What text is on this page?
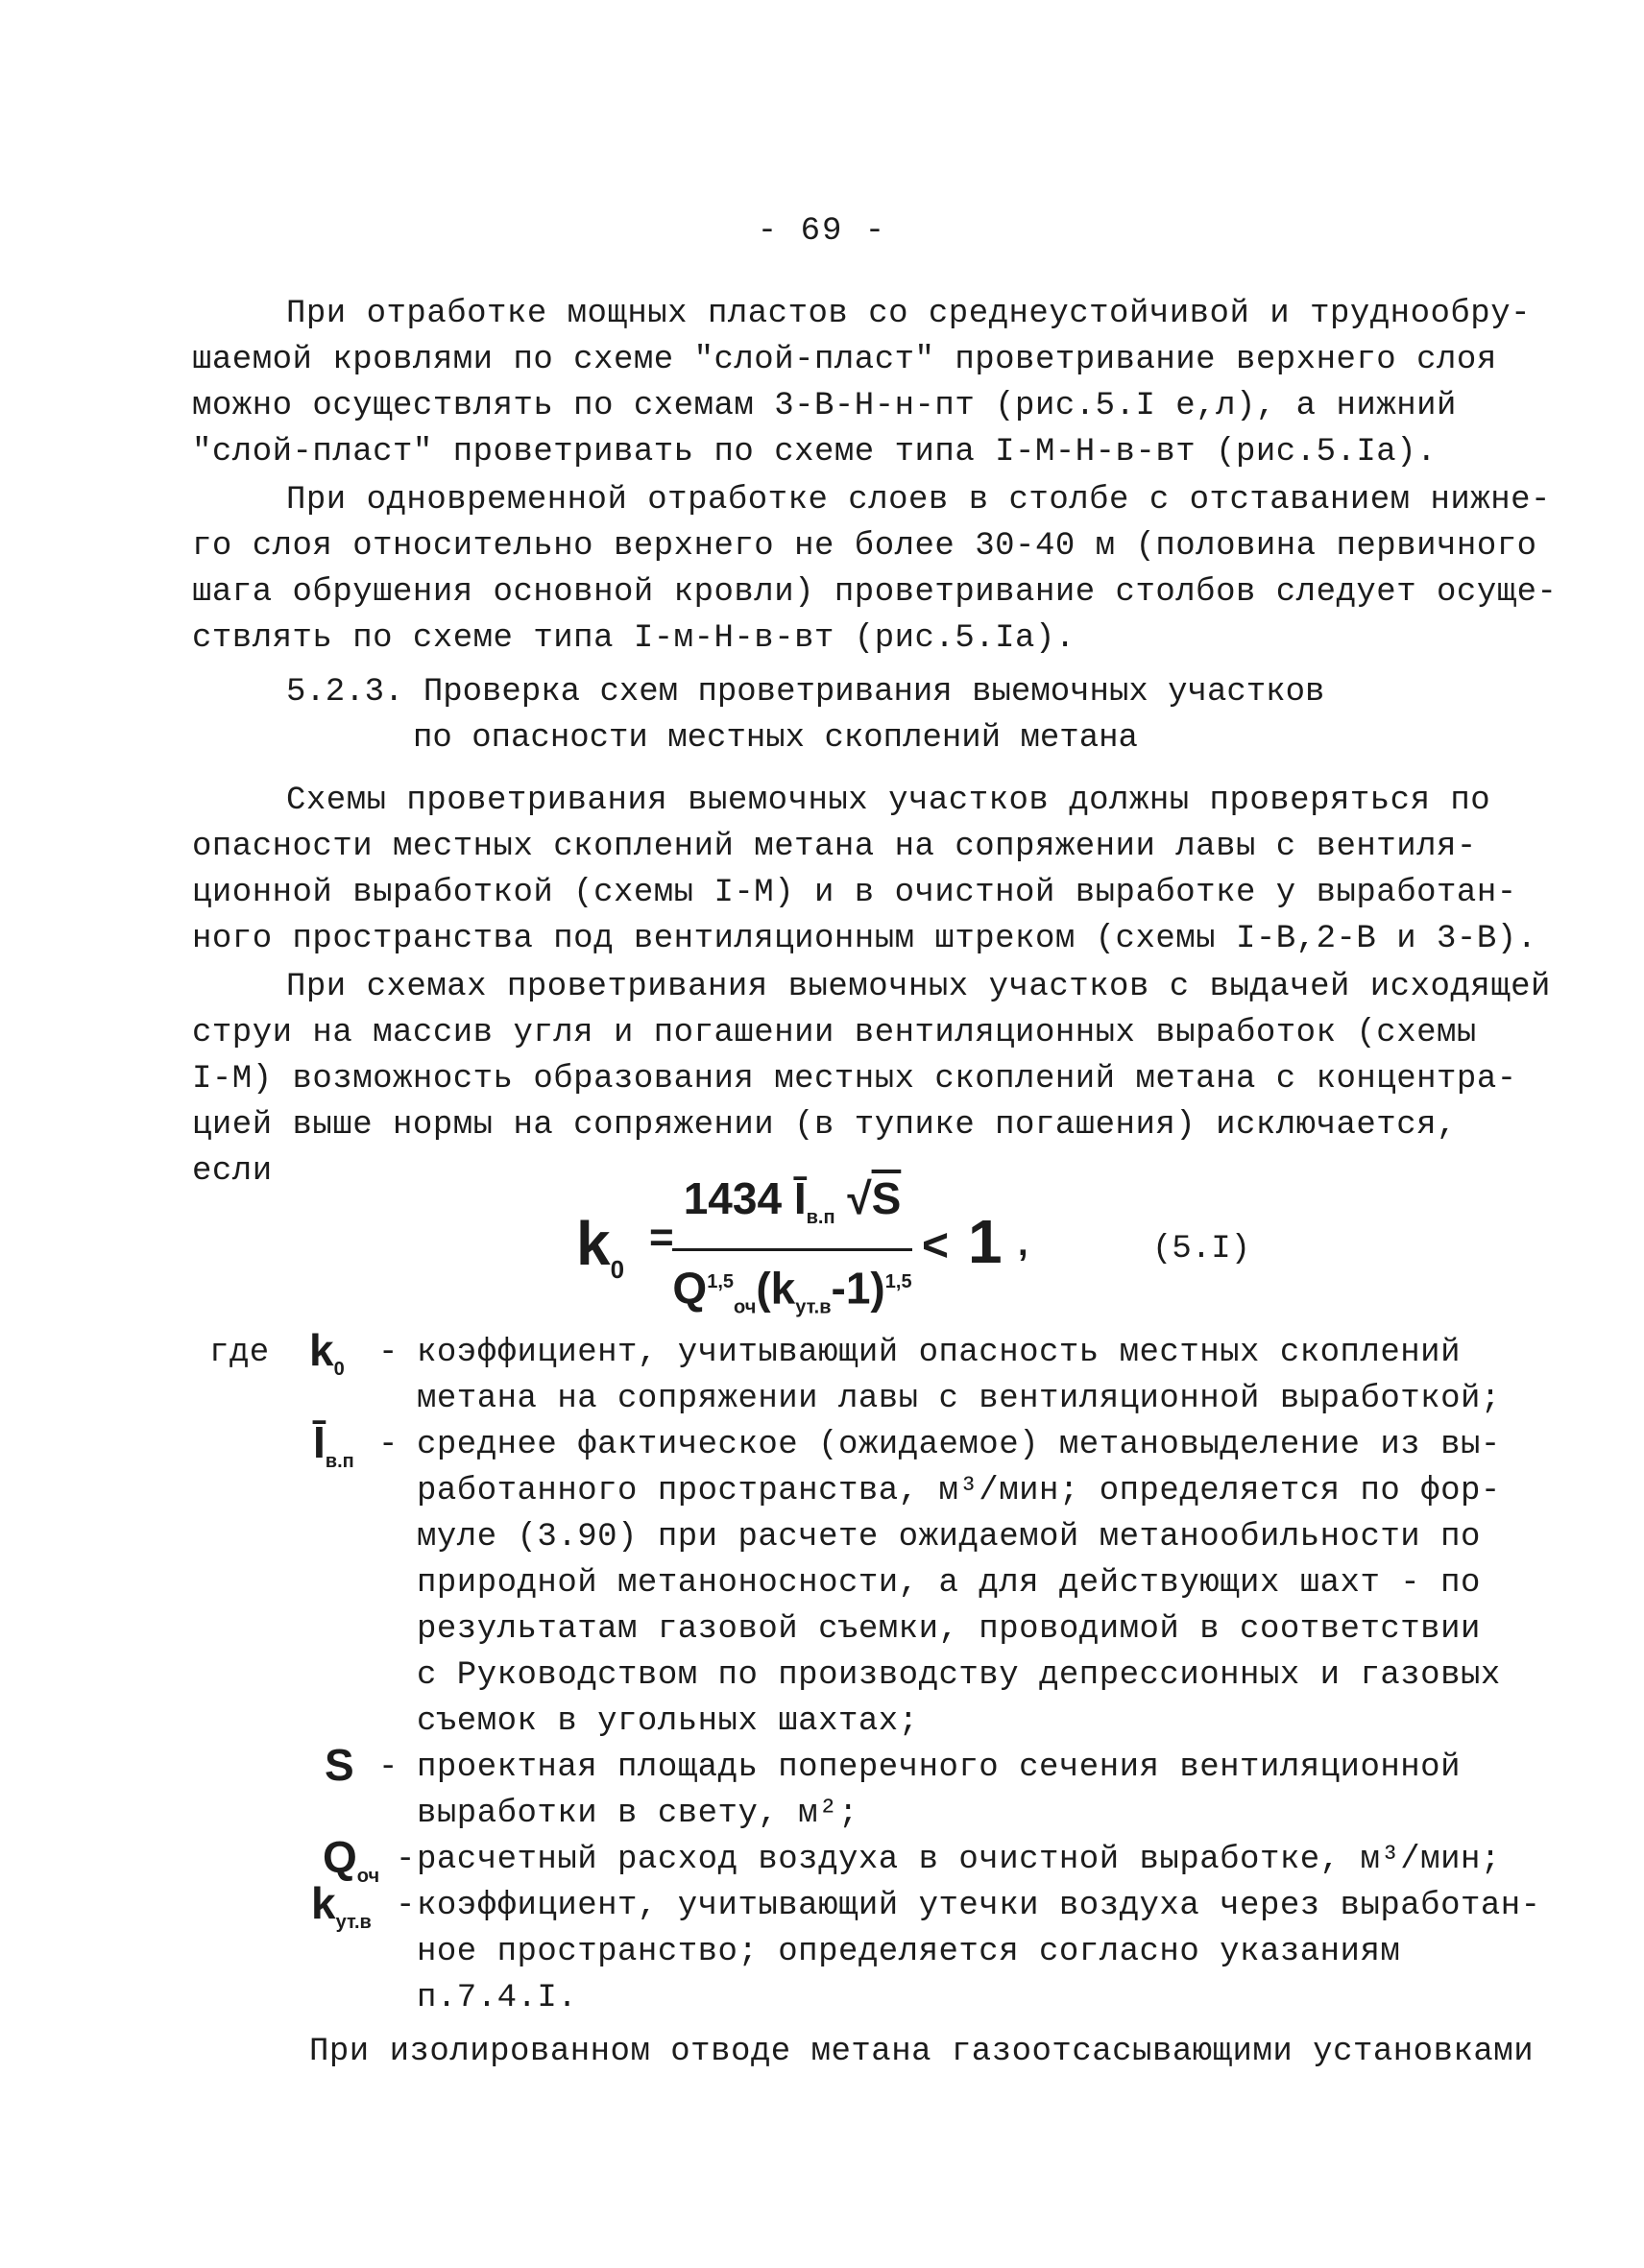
- 69 -
При отработке мощных пластов со среднеустойчивой и труднообру-
шаемой кровлями по схеме "слой-пласт" проветривание верхнего слоя
можно осуществлять по схемам 3-В-Н-н-пт (рис.5.I е,л), а нижний
"слой-пласт" проветривать по схеме типа I-М-Н-в-вт (рис.5.Iа).
При одновременной отработке слоев в столбе с отставанием нижне-
го слоя относительно верхнего не более 30-40 м (половина первичного
шага обрушения основной кровли) проветривание столбов следует осуще-
ствлять по схеме типа I-м-Н-в-вт (рис.5.Iа).
5.2.3. Проверка схем проветривания выемочных участков
по опасности местных скоплений метана
Схемы проветривания выемочных участков должны проверяться по
опасности местных скоплений метана на сопряжении лавы с вентиля-
ционной выработкой (схемы I-М) и в очистной выработке у выработан-
ного пространства под вентиляционным штреком (схемы I-В,2-В и 3-В).
При схемах проветривания выемочных участков с выдачей исходящей
струи на массив угля и погашении вентиляционных выработок (схемы
I-М) возможность образования местных скоплений метана с концентра-
цией выше нормы на сопряжении (в тупике погашения) исключается,
если
$k_0$
=
1434 $Ī_{в.п}$ √S
$Q^{1,5}_{оч}(k_{ут.в}-1)^{1,5}$
< 1 ,	(5.I)
где $k_0$ - коэффициент, учитывающий опасность местных скоплений
метана на сопряжении лавы с вентиляционной выработкой;
$Ī_{в.п}$ - среднее фактическое (ожидаемое) метановыделение из вы-
работанного пространства, м³/мин; определяется по фор-
муле (3.90) при расчете ожидаемой метанообильности по
природной метаноносности, а для действующих шахт - по
результатам газовой съемки, проводимой в соответствии
с Руководством по производству депрессионных и газовых
съемок в угольных шахтах;
S - проектная площадь поперечного сечения вентиляционной
выработки в свету, м²;
$Q_{оч}$ - расчетный расход воздуха в очистной выработке, м³/мин;
$k_{ут.в}$ - коэффициент, учитывающий утечки воздуха через выработан-
ное пространство; определяется согласно указаниям
п.7.4.I.
При изолированном отводе метана газоотсасывающими установками
